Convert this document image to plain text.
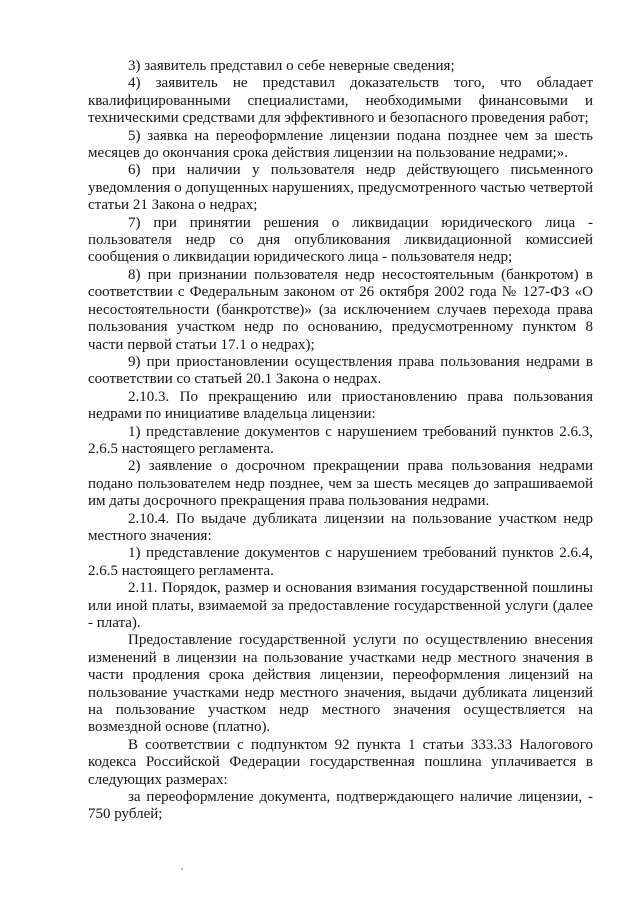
3) заявитель представил о себе неверные сведения;

4) заявитель не представил доказательств того, что обладает квалифицированными специалистами, необходимыми финансовыми и техническими средствами для эффективного и безопасного проведения работ;

5) заявка на переоформление лицензии подана позднее чем за шесть месяцев до окончания срока действия лицензии на пользование недрами;».

6) при наличии у пользователя недр действующего письменного уведомления о допущенных нарушениях, предусмотренного частью четвертой статьи 21 Закона о недрах;

7) при принятии решения о ликвидации юридического лица - пользователя недр со дня опубликования ликвидационной комиссией сообщения о ликвидации юридического лица - пользователя недр;

8) при признании пользователя недр несостоятельным (банкротом) в соответствии с Федеральным законом от 26 октября 2002 года № 127-ФЗ «О несостоятельности (банкротстве)» (за исключением случаев перехода права пользования участком недр по основанию, предусмотренному пунктом 8 части первой статьи 17.1 о недрах);

9) при приостановлении осуществления права пользования недрами в соответствии со статьей 20.1 Закона о недрах.

2.10.3. По прекращению или приостановлению права пользования недрами по инициативе владельца лицензии:

1) представление документов с нарушением требований пунктов 2.6.3, 2.6.5 настоящего регламента.

2) заявление о досрочном прекращении права пользования недрами подано пользователем недр позднее, чем за шесть месяцев до запрашиваемой им даты досрочного прекращения права пользования недрами.

2.10.4. По выдаче дубликата лицензии на пользование участком недр местного значения:

1) представление документов с нарушением требований пунктов 2.6.4, 2.6.5 настоящего регламента.

2.11. Порядок, размер и основания взимания государственной пошлины или иной платы, взимаемой за предоставление государственной услуги (далее - плата).

Предоставление государственной услуги по осуществлению внесения изменений в лицензии на пользование участками недр местного значения в части продления срока действия лицензии, переоформления лицензий на пользование участками недр местного значения, выдачи дубликата лицензий на пользование участком недр местного значения осуществляется на возмездной основе (платно).

В соответствии с подпунктом 92 пункта 1 статьи 333.33 Налогового кодекса Российской Федерации государственная пошлина уплачивается в следующих размерах:

за переоформление документа, подтверждающего наличие лицензии, - 750 рублей;
